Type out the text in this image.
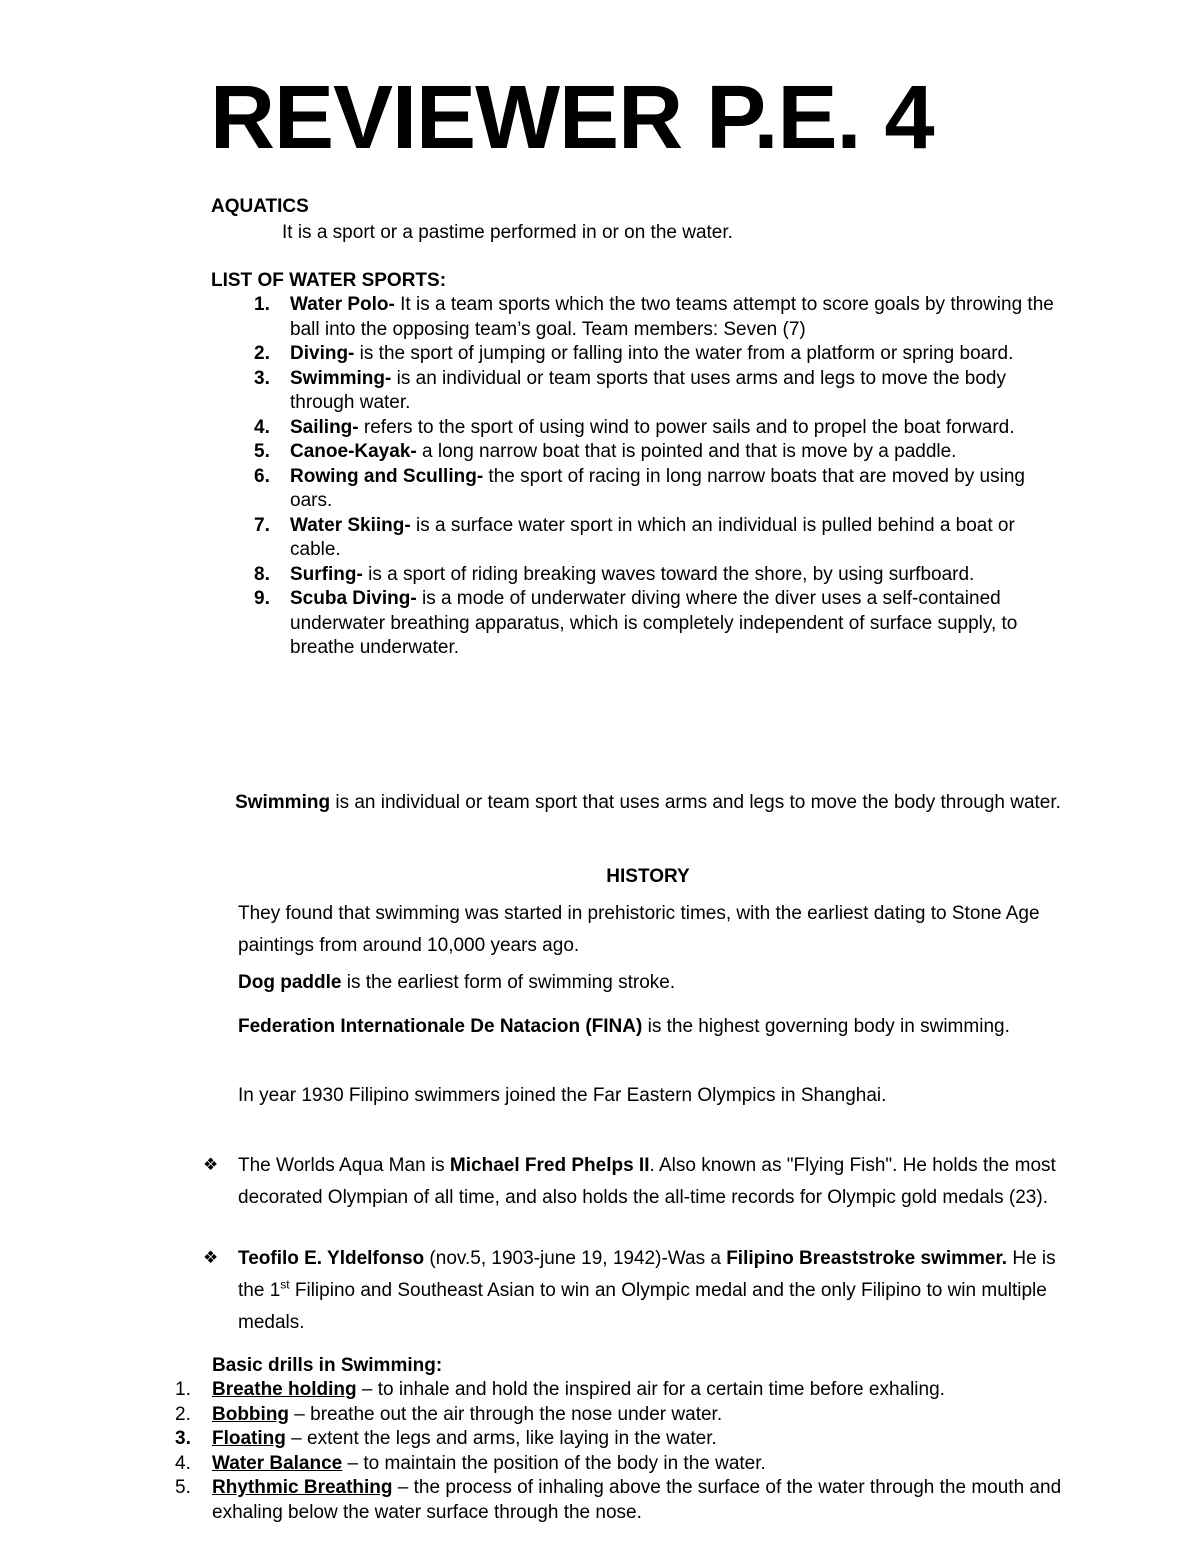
REVIEWER P.E. 4
AQUATICS
It is a sport or a pastime performed in or on the water.
LIST OF WATER SPORTS:
1. Water Polo- It is a team sports which the two teams attempt to score goals by throwing the ball into the opposing team’s goal. Team members: Seven (7)
2. Diving- is the sport of jumping or falling into the water from a platform or spring board.
3. Swimming- is an individual or team sports that uses arms and legs to move the body through water.
4. Sailing- refers to the sport of using wind to power sails and to propel the boat forward.
5. Canoe-Kayak- a long narrow boat that is pointed and that is move by a paddle.
6. Rowing and Sculling- the sport of racing in long narrow boats that are moved by using oars.
7. Water Skiing- is a surface water sport in which an individual is pulled behind a boat or cable.
8. Surfing- is a sport of riding breaking waves toward the shore, by using surfboard.
9. Scuba Diving- is a mode of underwater diving where the diver uses a self-contained underwater breathing apparatus, which is completely independent of surface supply, to breathe underwater.
Swimming is an individual or team sport that uses arms and legs to move the body through water.
HISTORY
They found that swimming was started in prehistoric times, with the earliest dating to Stone Age paintings from around 10,000 years ago.
Dog paddle is the earliest form of swimming stroke.
Federation Internationale De Natacion (FINA) is the highest governing body in swimming.
In year 1930 Filipino swimmers joined the Far Eastern Olympics in Shanghai.
❖ The Worlds Aqua Man is Michael Fred Phelps II. Also known as "Flying Fish". He holds the most decorated Olympian of all time, and also holds the all-time records for Olympic gold medals (23).
❖ Teofilo E. Yldelfonso (nov.5, 1903-june 19, 1942)-Was a Filipino Breaststroke swimmer. He is the 1st Filipino and Southeast Asian to win an Olympic medal and the only Filipino to win multiple medals.
Basic drills in Swimming:
1. Breathe holding – to inhale and hold the inspired air for a certain time before exhaling.
2. Bobbing – breathe out the air through the nose under water.
3. Floating – extent the legs and arms, like laying in the water.
4. Water Balance – to maintain the position of the body in the water.
5. Rhythmic Breathing – the process of inhaling above the surface of the water through the mouth and exhaling below the water surface through the nose.
